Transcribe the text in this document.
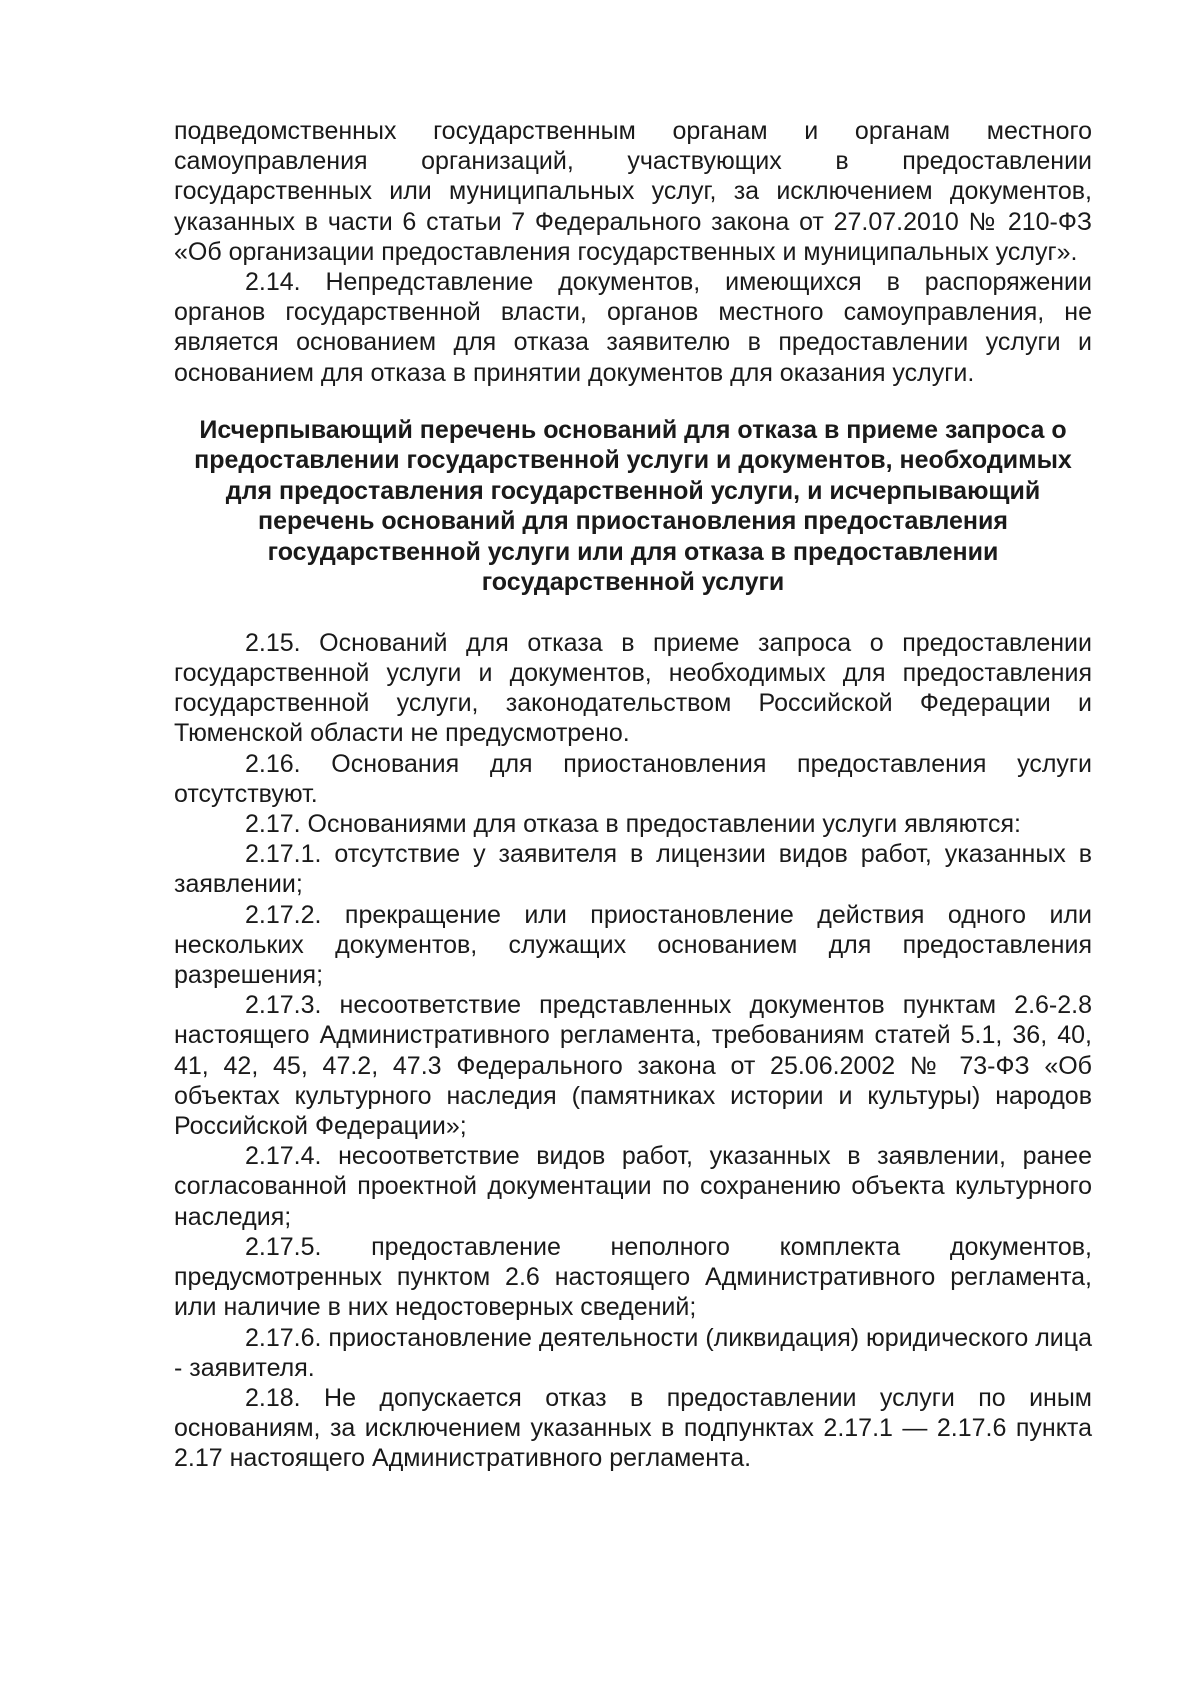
подведомственных государственным органам и органам местного самоуправления организаций, участвующих в предоставлении государственных или муниципальных услуг, за исключением документов, указанных в части 6 статьи 7 Федерального закона от 27.07.2010 № 210-ФЗ «Об организации предоставления государственных и муниципальных услуг».

2.14. Непредставление документов, имеющихся в распоряжении органов государственной власти, органов местного самоуправления, не является основанием для отказа заявителю в предоставлении услуги и основанием для отказа в принятии документов для оказания услуги.

Исчерпывающий перечень оснований для отказа в приеме запроса о предоставлении государственной услуги и документов, необходимых для предоставления государственной услуги, и исчерпывающий перечень оснований для приостановления предоставления государственной услуги или для отказа в предоставлении государственной услуги

2.15. Оснований для отказа в приеме запроса о предоставлении государственной услуги и документов, необходимых для предоставления государственной услуги, законодательством Российской Федерации и Тюменской области не предусмотрено.

2.16. Основания для приостановления предоставления услуги отсутствуют.

2.17. Основаниями для отказа в предоставлении услуги являются:

2.17.1. отсутствие у заявителя в лицензии видов работ, указанных в заявлении;

2.17.2. прекращение или приостановление действия одного или нескольких документов, служащих основанием для предоставления разрешения;

2.17.3. несоответствие представленных документов пунктам 2.6-2.8 настоящего Административного регламента, требованиям статей 5.1, 36, 40, 41, 42, 45, 47.2, 47.3 Федерального закона от 25.06.2002 № 73-ФЗ «Об объектах культурного наследия (памятниках истории и культуры) народов Российской Федерации»;

2.17.4. несоответствие видов работ, указанных в заявлении, ранее согласованной проектной документации по сохранению объекта культурного наследия;

2.17.5. предоставление неполного комплекта документов, предусмотренных пунктом 2.6 настоящего Административного регламента, или наличие в них недостоверных сведений;

2.17.6. приостановление деятельности (ликвидация) юридического лица - заявителя.

2.18. Не допускается отказ в предоставлении услуги по иным основаниям, за исключением указанных в подпунктах 2.17.1 — 2.17.6 пункта 2.17 настоящего Административного регламента.
